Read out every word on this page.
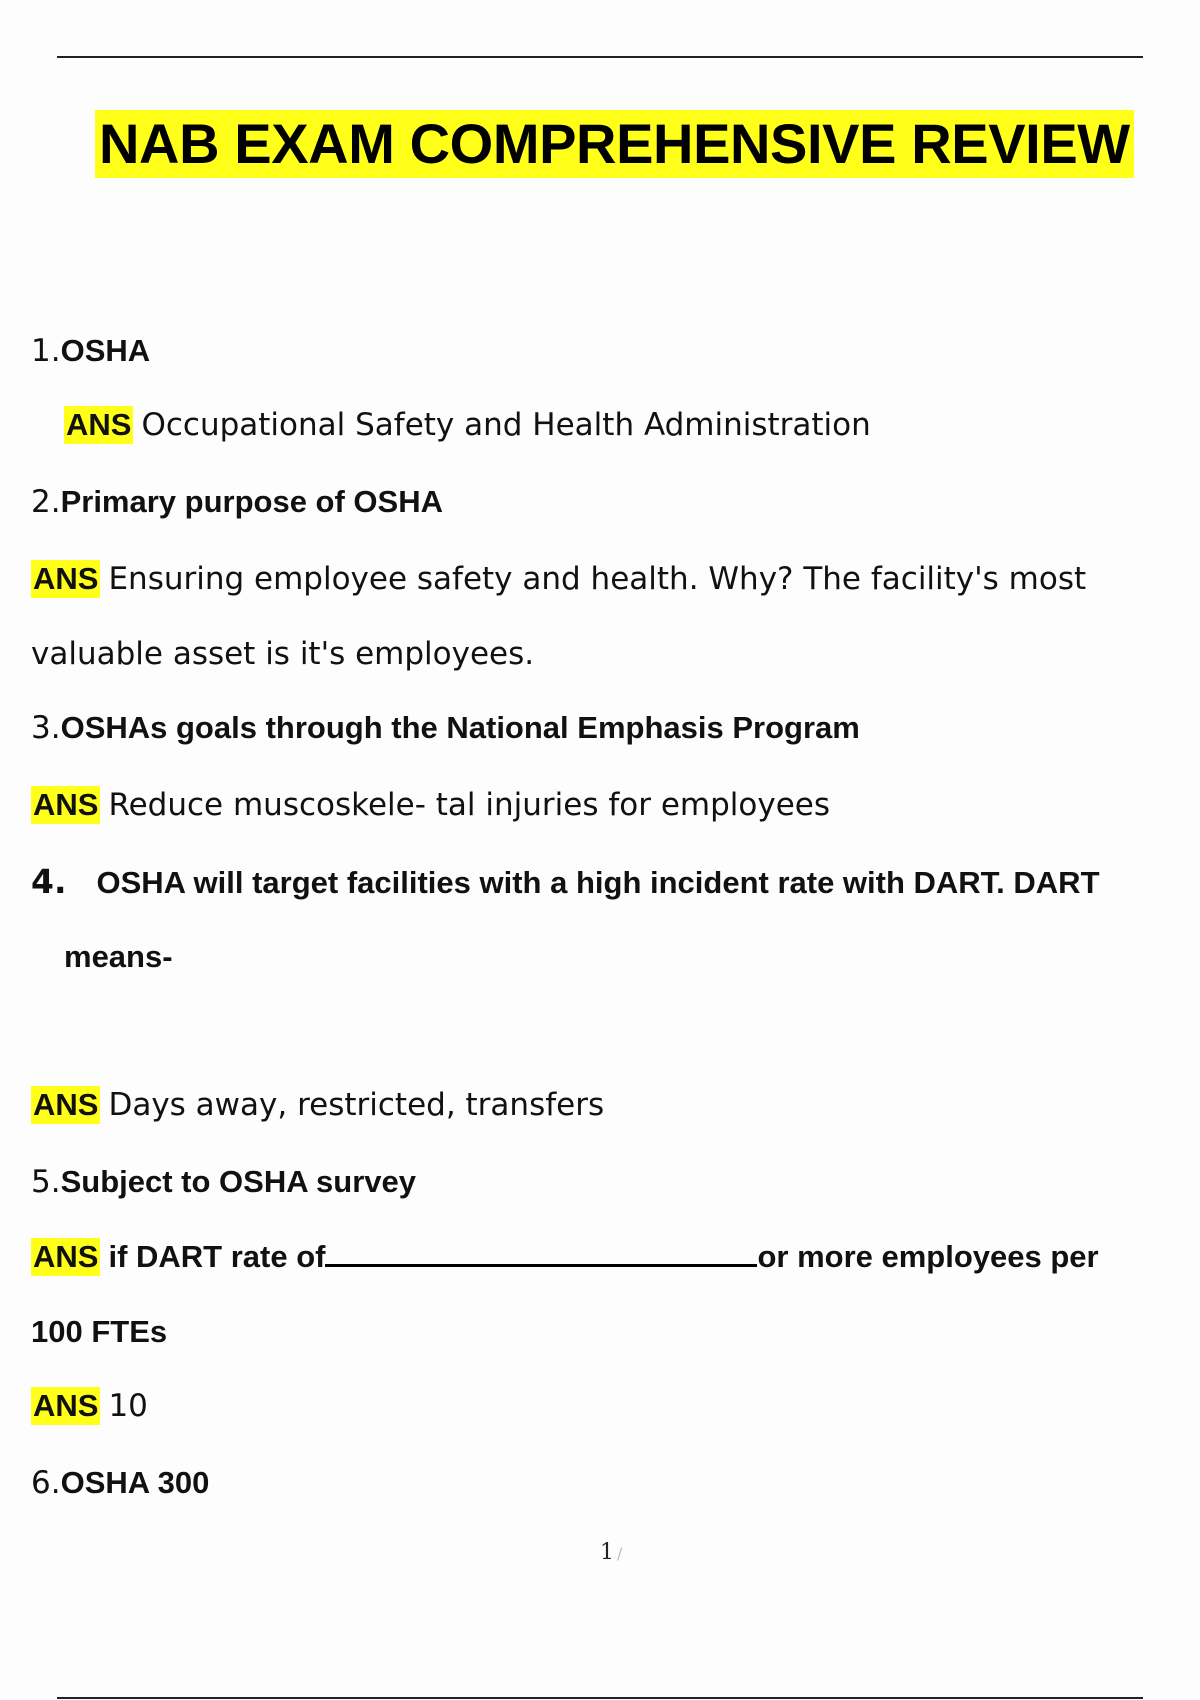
NAB EXAM COMPREHENSIVE REVIEW
1.OSHA
ANS Occupational Safety and Health Administration
2.Primary purpose of OSHA
ANS Ensuring employee safety and health. Why? The facility's most
valuable asset is it's employees.
3.OSHAs goals through the National Emphasis Program
ANS Reduce muscoskele- tal injuries for employees
4. OSHA will target facilities with a high incident rate with DART. DART
means-
ANS Days away, restricted, transfers
5.Subject to OSHA survey
ANS if DART rate of	or more employees per
100 FTEs
ANS 10
6.OSHA 300
1 /
